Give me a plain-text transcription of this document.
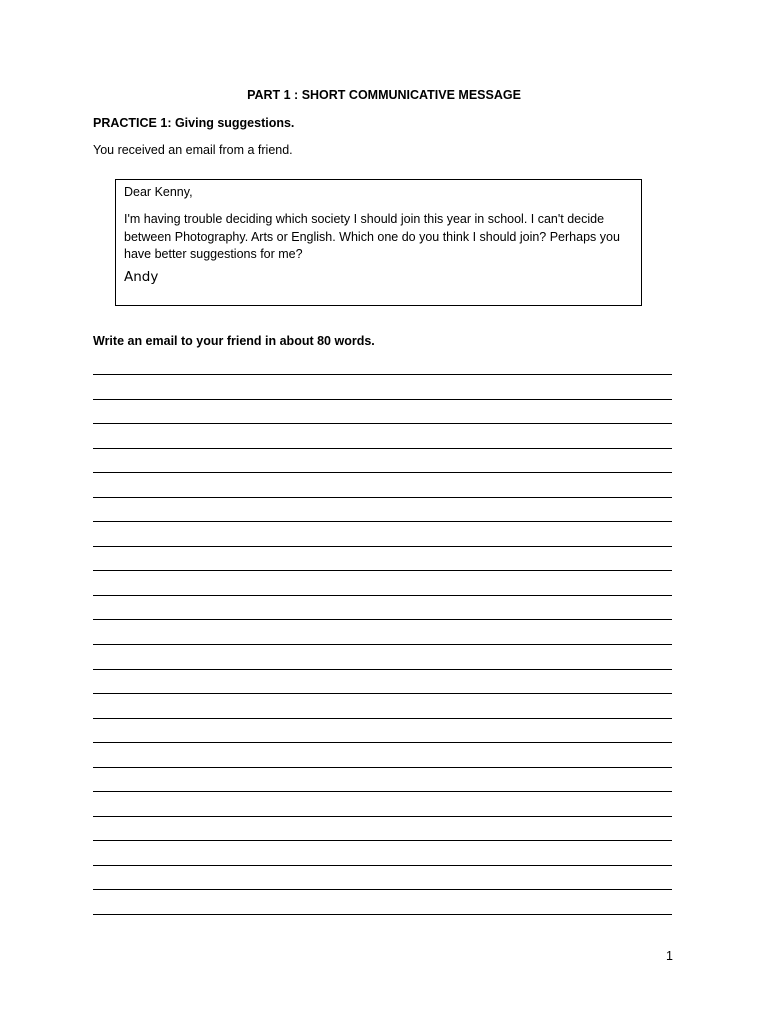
PART 1 : SHORT COMMUNICATIVE MESSAGE
PRACTICE 1: Giving suggestions.
You received an email from a friend.
Dear Kenny,
I'm having trouble deciding which society I should join this year in school. I can't decide between Photography. Arts or English. Which one do you think I should join? Perhaps you have better suggestions for me?
Andy
Write an email to your friend in about 80 words.
1
